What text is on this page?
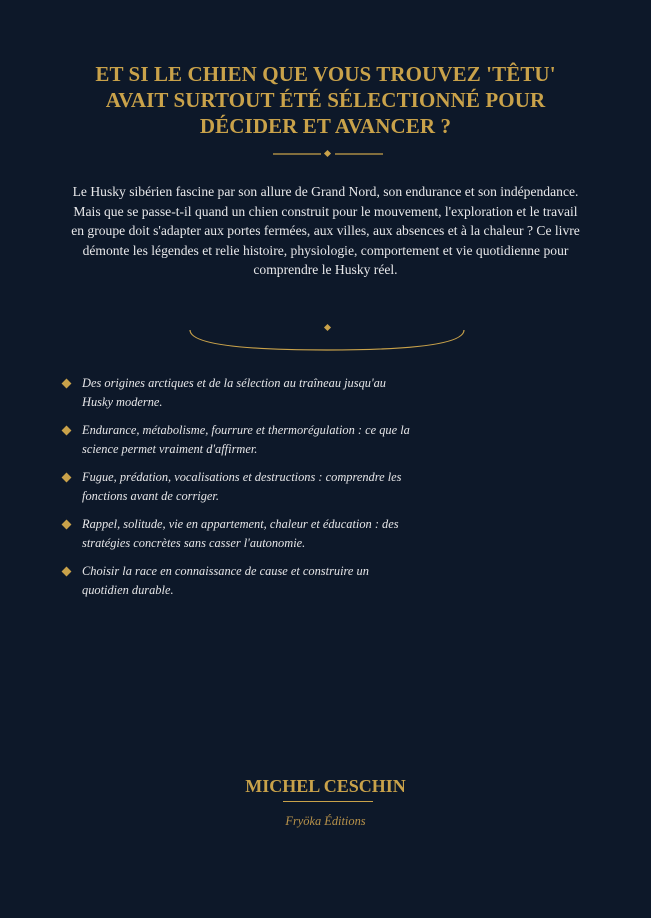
ET SI LE CHIEN QUE VOUS TROUVEZ 'TÊTU'
AVAIT SURTOUT ÉTÉ SÉLECTIONNÉ POUR
DÉCIDER ET AVANCER ?

Le Husky sibérien fascine par son allure de Grand Nord, son endurance et son indépendance.
Mais que se passe-t-il quand un chien construit pour le mouvement, l'exploration et le travail
en groupe doit s'adapter aux portes fermées, aux villes, aux absences et à la chaleur ? Ce livre
démonte les légendes et relie histoire, physiologie, comportement et vie quotidienne pour
comprendre le Husky réel.

Des origines arctiques et de la sélection au traîneau jusqu'au
Husky moderne.
Endurance, métabolisme, fourrure et thermorégulation : ce que la
science permet vraiment d'affirmer.
Fugue, prédation, vocalisations et destructions : comprendre les
fonctions avant de corriger.
Rappel, solitude, vie en appartement, chaleur et éducation : des
stratégies concrètes sans casser l'autonomie.
Choisir la race en connaissance de cause et construire un
quotidien durable.

MICHEL CESCHIN

Fryöka Éditions
